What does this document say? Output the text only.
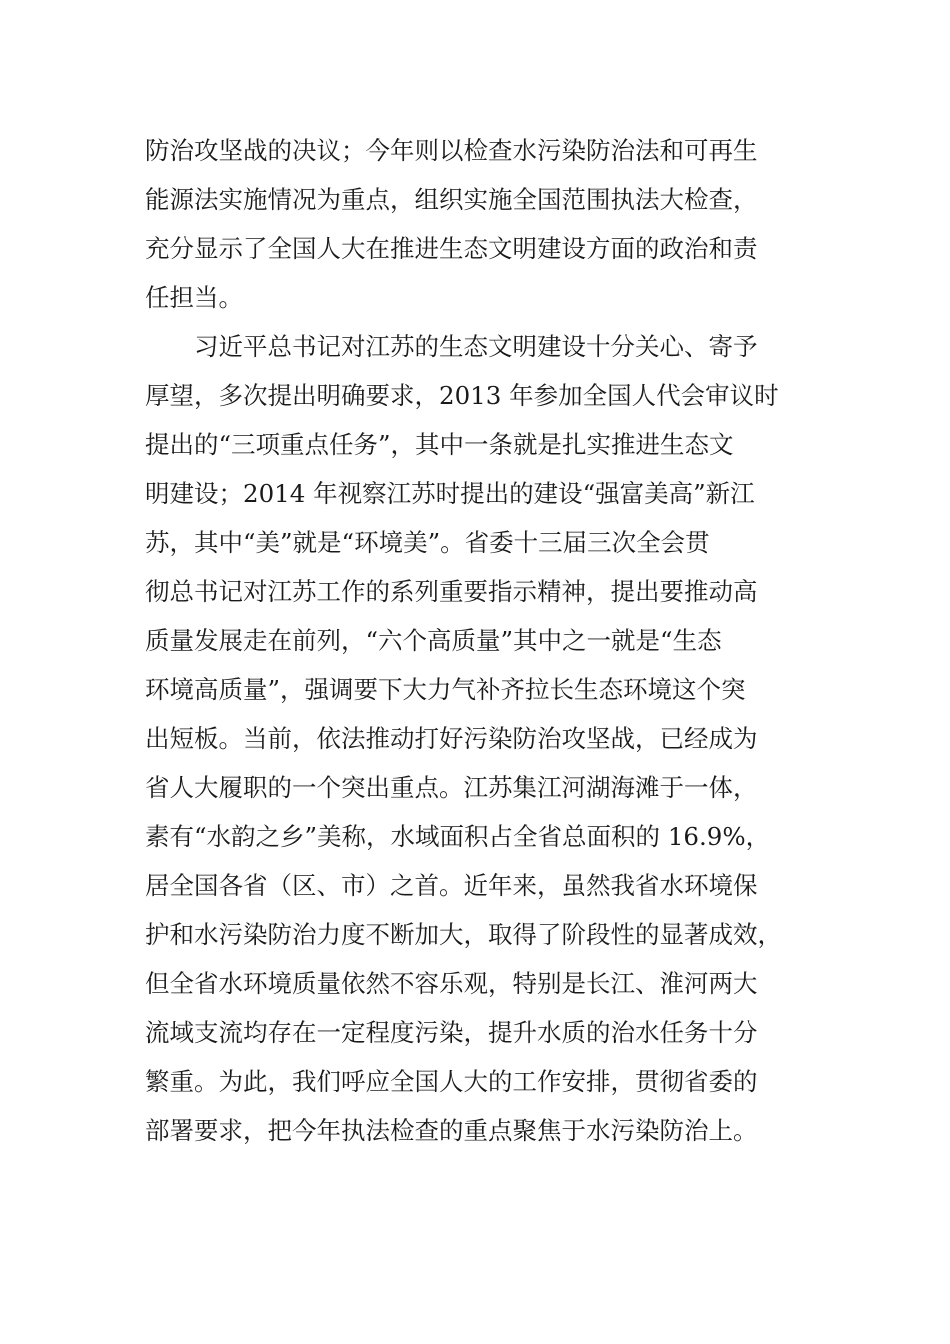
防治攻坚战的决议；今年则以检查水污染防治法和可再生
能源法实施情况为重点，组织实施全国范围执法大检查，
充分显示了全国人大在推进生态文明建设方面的政治和责
任担当。
　　习近平总书记对江苏的生态文明建设十分关心、寄予
厚望，多次提出明确要求，2013 年参加全国人代会审议时
提出的“三项重点任务”，其中一条就是扎实推进生态文
明建设；2014 年视察江苏时提出的建设“强富美高”新江
苏，其中“美”就是“环境美”。省委十三届三次全会贯
彻总书记对江苏工作的系列重要指示精神，提出要推动高
质量发展走在前列，“六个高质量”其中之一就是“生态
环境高质量”，强调要下大力气补齐拉长生态环境这个突
出短板。当前，依法推动打好污染防治攻坚战，已经成为
省人大履职的一个突出重点。江苏集江河湖海滩于一体，
素有“水韵之乡”美称，水域面积占全省总面积的 16.9%，
居全国各省（区、市）之首。近年来，虽然我省水环境保
护和水污染防治力度不断加大，取得了阶段性的显著成效，
但全省水环境质量依然不容乐观，特别是长江、淮河两大
流域支流均存在一定程度污染，提升水质的治水任务十分
繁重。为此，我们呼应全国人大的工作安排，贯彻省委的
部署要求，把今年执法检查的重点聚焦于水污染防治上。
